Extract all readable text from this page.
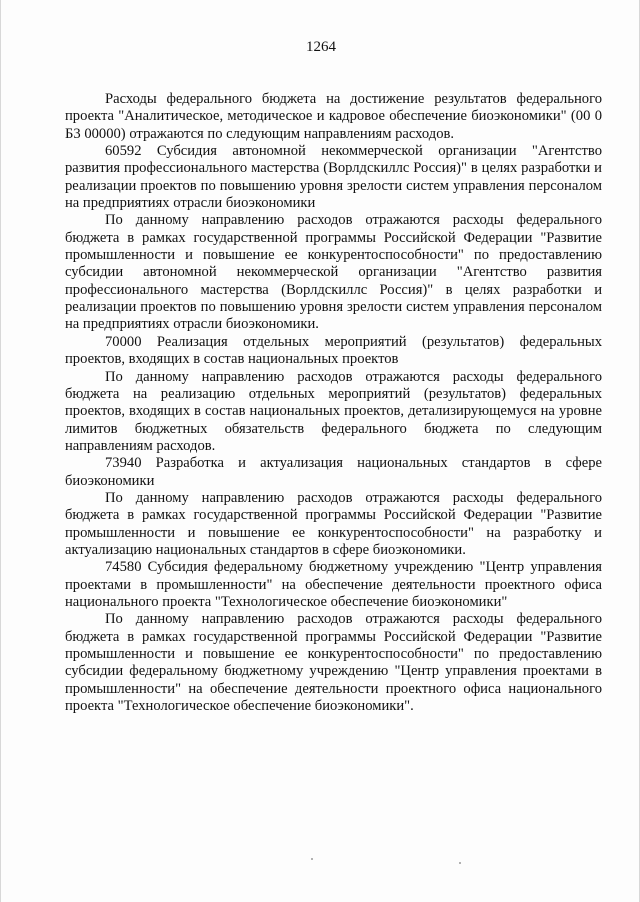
1264

Расходы федерального бюджета на достижение результатов федерального проекта "Аналитическое, методическое и кадровое обеспечение биоэкономики" (00 0 Б3 00000) отражаются по следующим направлениям расходов.

60592 Субсидия автономной некоммерческой организации "Агентство развития профессионального мастерства (Ворлдскиллс Россия)" в целях разработки и реализации проектов по повышению уровня зрелости систем управления персоналом на предприятиях отрасли биоэкономики

По данному направлению расходов отражаются расходы федерального бюджета в рамках государственной программы Российской Федерации "Развитие промышленности и повышение ее конкурентоспособности" по предоставлению субсидии автономной некоммерческой организации "Агентство развития профессионального мастерства (Ворлдскиллс Россия)" в целях разработки и реализации проектов по повышению уровня зрелости систем управления персоналом на предприятиях отрасли биоэкономики.

70000 Реализация отдельных мероприятий (результатов) федеральных проектов, входящих в состав национальных проектов

По данному направлению расходов отражаются расходы федерального бюджета на реализацию отдельных мероприятий (результатов) федеральных проектов, входящих в состав национальных проектов, детализирующемуся на уровне лимитов бюджетных обязательств федерального бюджета по следующим направлениям расходов.

73940 Разработка и актуализация национальных стандартов в сфере биоэкономики

По данному направлению расходов отражаются расходы федерального бюджета в рамках государственной программы Российской Федерации "Развитие промышленности и повышение ее конкурентоспособности" на разработку и актуализацию национальных стандартов в сфере биоэкономики.

74580 Субсидия федеральному бюджетному учреждению "Центр управления проектами в промышленности" на обеспечение деятельности проектного офиса национального проекта "Технологическое обеспечение биоэкономики"

По данному направлению расходов отражаются расходы федерального бюджета в рамках государственной программы Российской Федерации "Развитие промышленности и повышение ее конкурентоспособности" по предоставлению субсидии федеральному бюджетному учреждению "Центр управления проектами в промышленности" на обеспечение деятельности проектного офиса национального проекта "Технологическое обеспечение биоэкономики".
